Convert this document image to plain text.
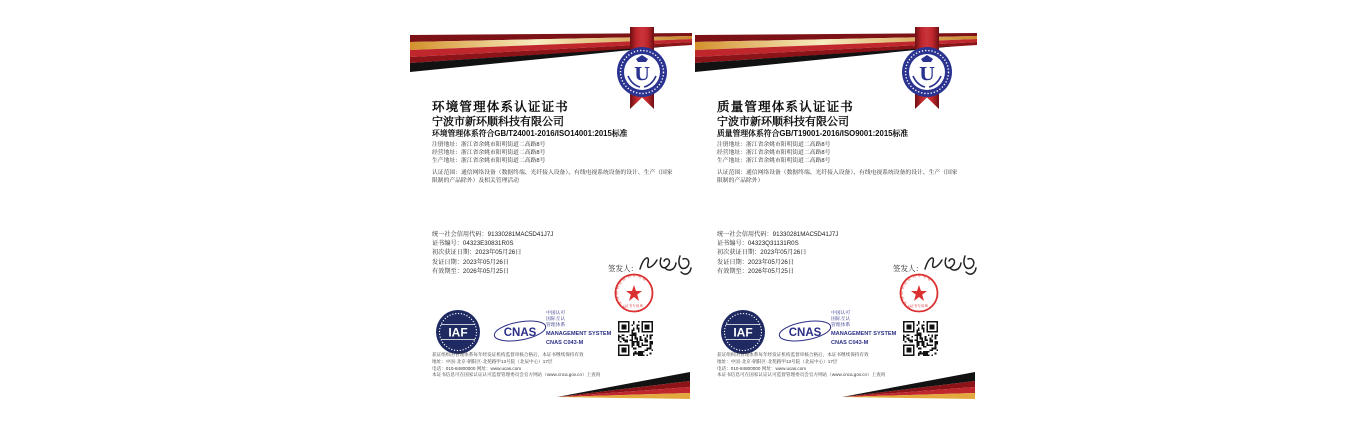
U
环境管理体系认证证书
宁波市新环顺科技有限公司
环境管理体系符合GB/T24001-2016/ISO14001:2015标准
注册地址：浙江省余姚市阳明街道二高路8号
经营地址：浙江省余姚市阳明街道二高路8号
生产地址：浙江省余姚市阳明街道二高路8号
认证范围：通信网络设备（数据终端、光纤接入设备）、有线电视系统设备的设计、生产（国家限制的产品除外）及相关管理活动
统一社会信用代码：91330281MAC5D41J7J
证书编号：04323E30831R0S
初次获证日期：2023年05月26日
发证日期：2023年05月26日
有效期至：2026年05月25日	签发人：
管理体系认证证书专用章
证书专用章
IAF	CNAS
中国认可
国际互认
管理体系
MANAGEMENT SYSTEM
CNAS C043-M
获证组织的管理体系每年经发证机构监督审核合格后，本证书继续保持有效
地址：中国·北京·朝阳区·北苑路甲13号院（北辰中心）17层
电话：010-84800000 网址：www.ucas.com
本证书信息可在国家认证认可监督管理委员会官方网站（www.cnca.gov.cn）上查询
U
质量管理体系认证证书
宁波市新环顺科技有限公司
质量管理体系符合GB/T19001-2016/ISO9001:2015标准
注册地址：浙江省余姚市阳明街道二高路8号
经营地址：浙江省余姚市阳明街道二高路8号
生产地址：浙江省余姚市阳明街道二高路8号
认证范围：通信网络设备（数据终端、光纤接入设备）、有线电视系统设备的设计、生产（国家限制的产品除外）
统一社会信用代码：91330281MAC5D41J7J
证书编号：04323Q31131R0S
初次获证日期：2023年05月26日
发证日期：2023年05月26日
有效期至：2026年05月25日	签发人：
管理体系认证证书专用章
证书专用章
IAF	CNAS
中国认可
国际互认
管理体系
MANAGEMENT SYSTEM
CNAS C043-M
获证组织的管理体系每年经发证机构监督审核合格后，本证书继续保持有效
地址：中国·北京·朝阳区·北苑路甲13号院（北辰中心）17层
电话：010-84800000 网址：www.ucas.com
本证书信息可在国家认证认可监督管理委员会官方网站（www.cnca.gov.cn）上查询
